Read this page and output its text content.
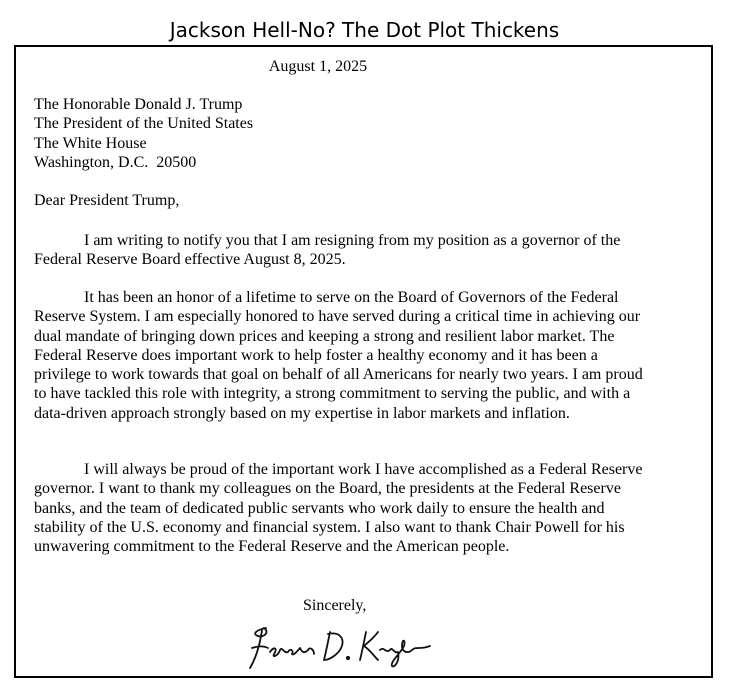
Jackson Hell-No? The Dot Plot Thickens
August 1, 2025
The Honorable Donald J. Trump
The President of the United States
The White House
Washington, D.C.  20500
Dear President Trump,
I am writing to notify you that I am resigning from my position as a governor of the Federal Reserve Board effective August 8, 2025.
It has been an honor of a lifetime to serve on the Board of Governors of the Federal Reserve System. I am especially honored to have served during a critical time in achieving our dual mandate of bringing down prices and keeping a strong and resilient labor market. The Federal Reserve does important work to help foster a healthy economy and it has been a privilege to work towards that goal on behalf of all Americans for nearly two years. I am proud to have tackled this role with integrity, a strong commitment to serving the public, and with a data-driven approach strongly based on my expertise in labor markets and inflation.
I will always be proud of the important work I have accomplished as a Federal Reserve governor. I want to thank my colleagues on the Board, the presidents at the Federal Reserve banks, and the team of dedicated public servants who work daily to ensure the health and stability of the U.S. economy and financial system. I also want to thank Chair Powell for his unwavering commitment to the Federal Reserve and the American people.
Sincerely,
